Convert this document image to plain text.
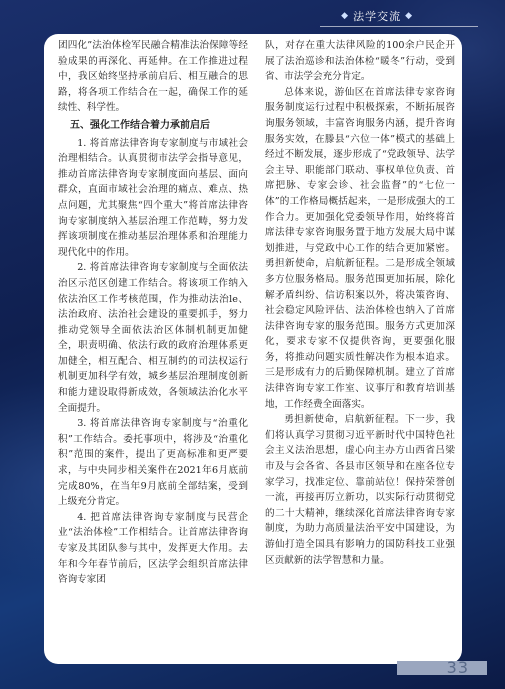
◆ 法学交流 ◆

团四化”法治体检军民融合精准法治保障等经验成果的再深化、再延伸。在工作推进过程中，我区始终坚持承前启后、相互融合的思路，将各项工作结合在一起，确保工作的延续性、科学性。

五、强化工作结合着力承前启后

1. 将首席法律咨询专家制度与市域社会治理相结合。认真贯彻市法学会指导意见，推动首席法律咨询专家制度面向基层、面向群众，直面市域社会治理的痛点、难点、热点问题，尤其聚焦“四个重大”将首席法律咨询专家制度纳入基层治理工作范畴，努力发挥该项制度在推动基层治理体系和治理能力现代化中的作用。

2. 将首席法律咨询专家制度与全面依法治区示范区创建工作结合。将该项工作纳入依法治区工作考核范围，作为推动法治le、法治政府、法治社会建设的重要抓手，努力推动党领导全面依法治区体制机制更加健全，职责明确、依法行政的政府治理体系更加健全，相互配合、相互制约的司法权运行机制更加科学有效，城乡基层治理制度创新和能力建设取得新成效，各领域法治化水平全面提升。

3. 将首席法律咨询专家制度与“治重化积”工作结合。委托事项中，将涉及“治重化积”范围的案件，提出了更高标准和更严要求，与中央同步相关案件在2021年6月底前完成80%，在当年9月底前全部结案，受到上级充分肯定。

4. 把首席法律咨询专家制度与民营企业“法治体检”工作相结合。让首席法律咨询专家及其团队参与其中，发挥更大作用。去年和今年春节前后，区法学会组织首席法律咨询专家团

队，对存在重大法律风险的100余户民企开展了法治巡诊和法治体检“暖冬”行动，受到省、市法学会充分肯定。

总体来说，游仙区在首席法律专家咨询服务制度运行过程中积极探索，不断拓展咨询服务领域，丰富咨询服务内涵，提升咨询服务实效，在滕县“六位一体”模式的基础上经过不断发展，逐步形成了“党政领导、法学会主导、职能部门联动、事权单位负责、首席把脉、专家会诊、社会监督”的“七位一体”的工作格局概括起来，一是形成强大的工作合力。更加强化党委领导作用，始终将首席法律专家咨询服务置于地方发展大局中谋划推进，与党政中心工作的结合更加紧密。勇担新使命，启航新征程。二是形成全领域多方位服务格局。服务范围更加拓展，除化解矛盾纠纷、信访积案以外，将决策咨询、社会稳定风险评估、法治体检也纳入了首席法律咨询专家的服务范围。服务方式更加深化，要求专家不仅提供咨询，更要强化服务，将推动问题实质性解决作为根本追求。三是形成有力的后勤保障机制。建立了首席法律咨询专家工作室、议事厅和教育培训基地，工作经费全面落实。

勇担新使命，启航新征程。下一步，我们将认真学习贯彻习近平新时代中国特色社会主义法治思想，虚心向主办方山西省吕梁市及与会各省、各县市区领导和在座各位专家学习，找准定位、靠前站位！保持荣誉创一流，再接再厉立新功，以实际行动贯彻党的二十大精神，继续深化首席法律咨询专家制度，为助力高质量法治平安中国建设，为游仙打造全国具有影响力的国防科技工业强区贡献新的法学智慧和力量。

33
